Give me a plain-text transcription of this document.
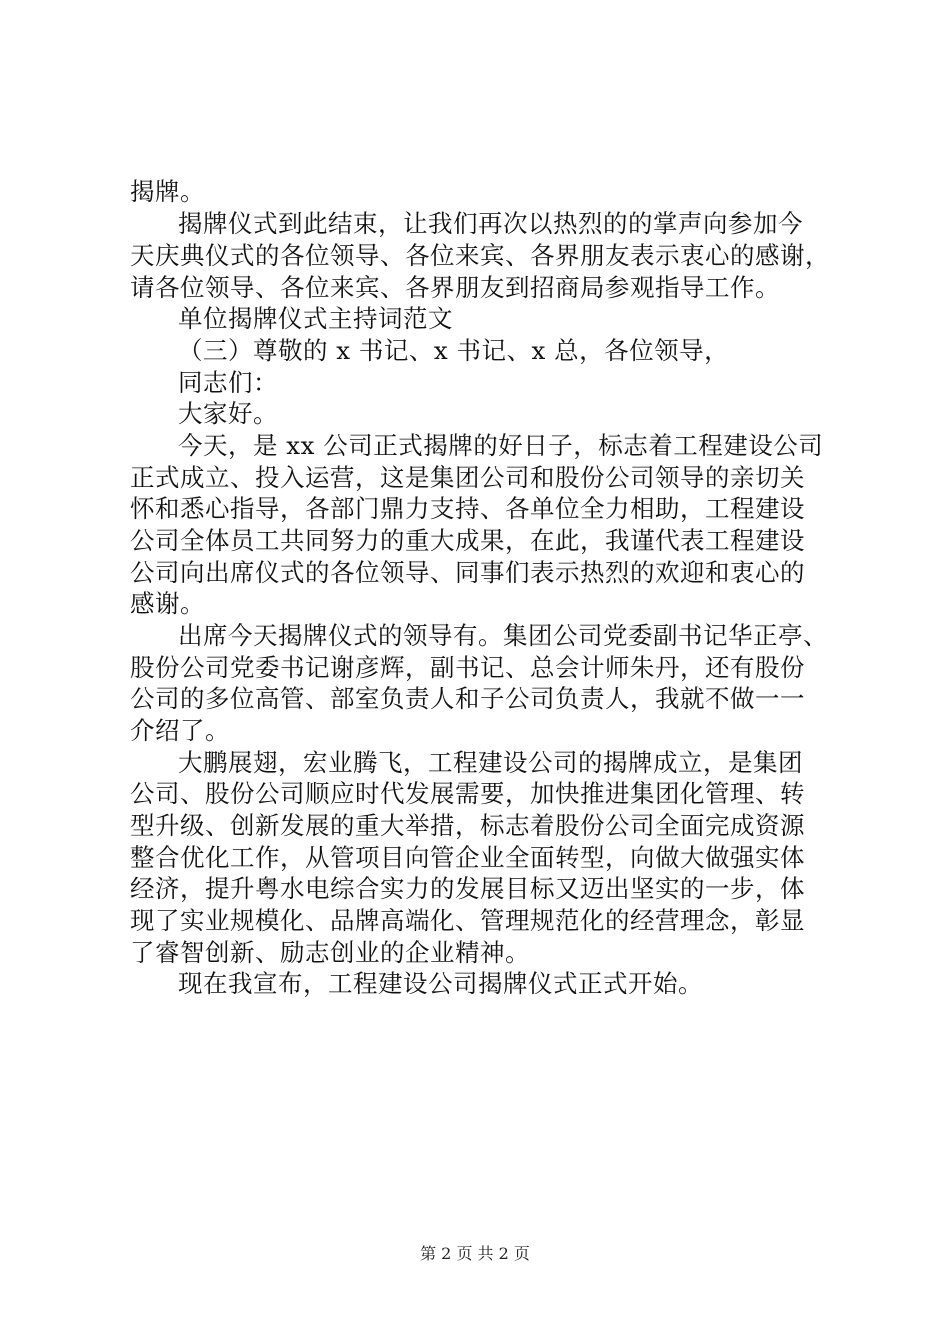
揭牌。
揭牌仪式到此结束，让我们再次以热烈的的掌声向参加今
天庆典仪式的各位领导、各位来宾、各界朋友表示衷心的感谢，
请各位领导、各位来宾、各界朋友到招商局参观指导工作。
单位揭牌仪式主持词范文
（三）尊敬的 x 书记、x 书记、x 总，各位领导，
同志们：
大家好。
今天，是 xx 公司正式揭牌的好日子，标志着工程建设公司
正式成立、投入运营，这是集团公司和股份公司领导的亲切关
怀和悉心指导，各部门鼎力支持、各单位全力相助，工程建设
公司全体员工共同努力的重大成果，在此，我谨代表工程建设
公司向出席仪式的各位领导、同事们表示热烈的欢迎和衷心的
感谢。
出席今天揭牌仪式的领导有。集团公司党委副书记华正亭、
股份公司党委书记谢彦辉，副书记、总会计师朱丹，还有股份
公司的多位高管、部室负责人和子公司负责人，我就不做一一
介绍了。
大鹏展翅，宏业腾飞，工程建设公司的揭牌成立，是集团
公司、股份公司顺应时代发展需要，加快推进集团化管理、转
型升级、创新发展的重大举措，标志着股份公司全面完成资源
整合优化工作，从管项目向管企业全面转型，向做大做强实体
经济，提升粤水电综合实力的发展目标又迈出坚实的一步，体
现了实业规模化、品牌高端化、管理规范化的经营理念，彰显
了睿智创新、励志创业的企业精神。
现在我宣布，工程建设公司揭牌仪式正式开始。
第 2 页 共 2 页
